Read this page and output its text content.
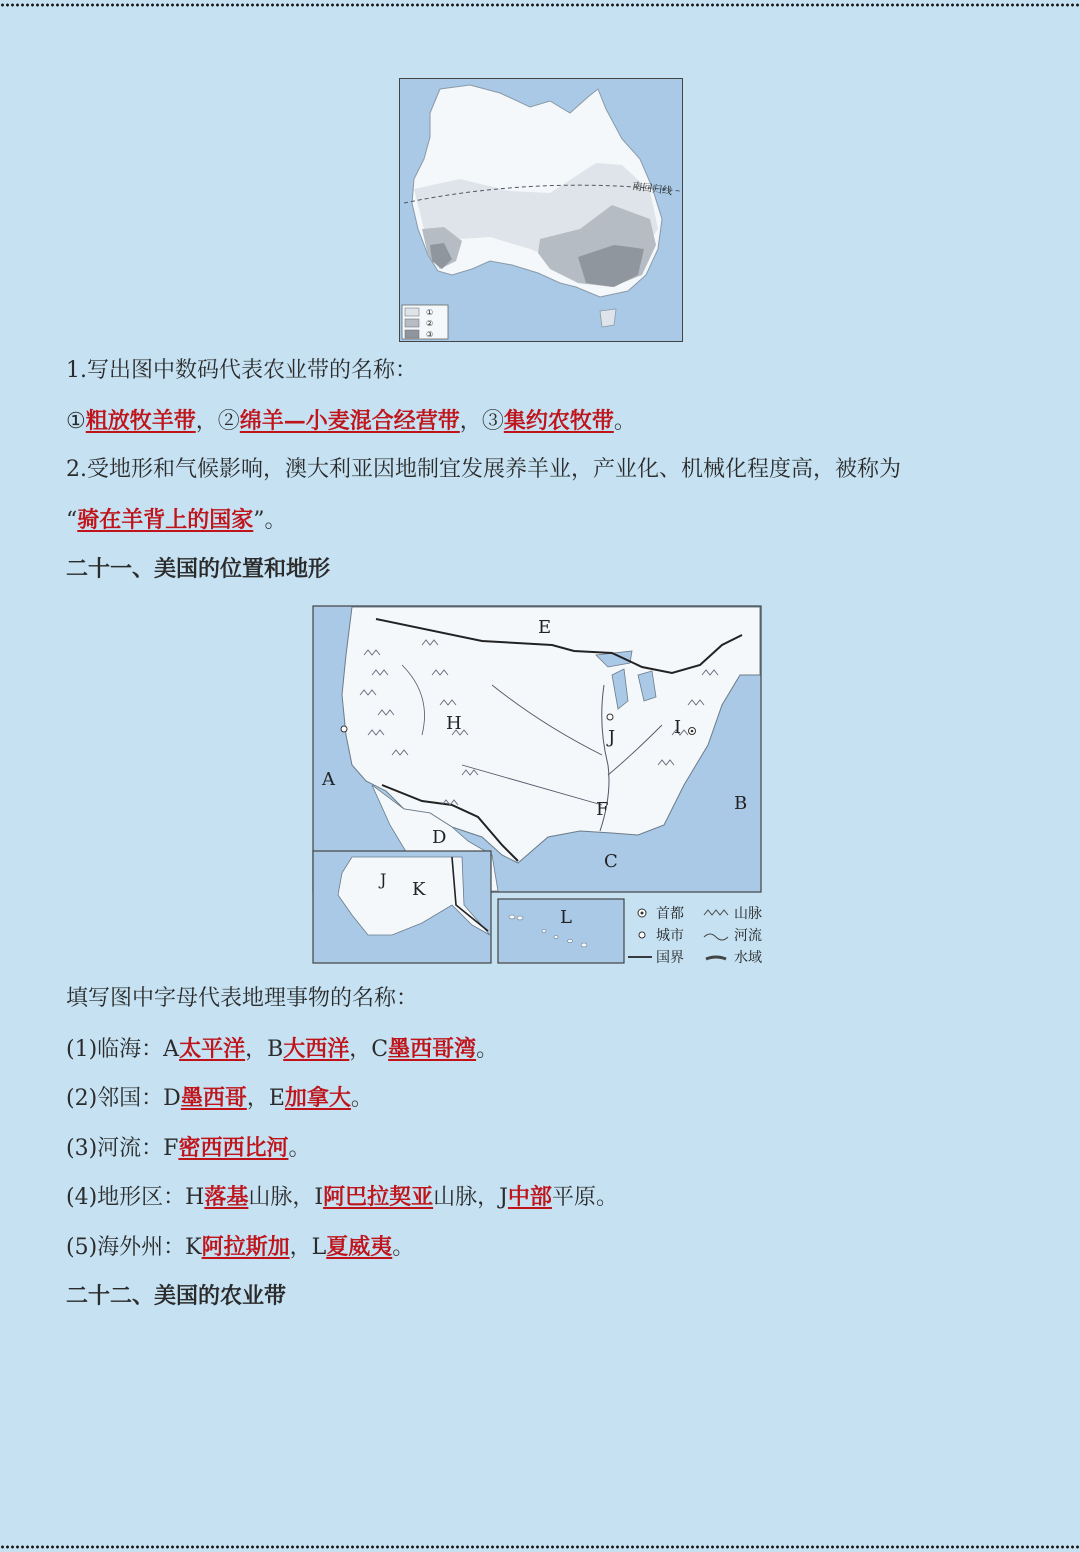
南回归线
①
②
③
1.写出图中数码代表农业带的名称：
①粗放牧羊带，②绵羊—小麦混合经营带，③集约农牧带。
2.受地形和气候影响，澳大利亚因地制宜发展养羊业，产业化、机械化程度高，被称为
“骑在羊背上的国家”。
二十一、美国的位置和地形
E
H
J	I
A
B
F
D
C
J K
L	首都
城市
国界
山脉
河流
水域
填写图中字母代表地理事物的名称：
(1)临海：A太平洋，B大西洋，C墨西哥湾。
(2)邻国：D墨西哥，E加拿大。
(3)河流：F密西西比河。
(4)地形区：H落基山脉，I阿巴拉契亚山脉，J中部平原。
(5)海外州：K阿拉斯加，L夏威夷。
二十二、美国的农业带
